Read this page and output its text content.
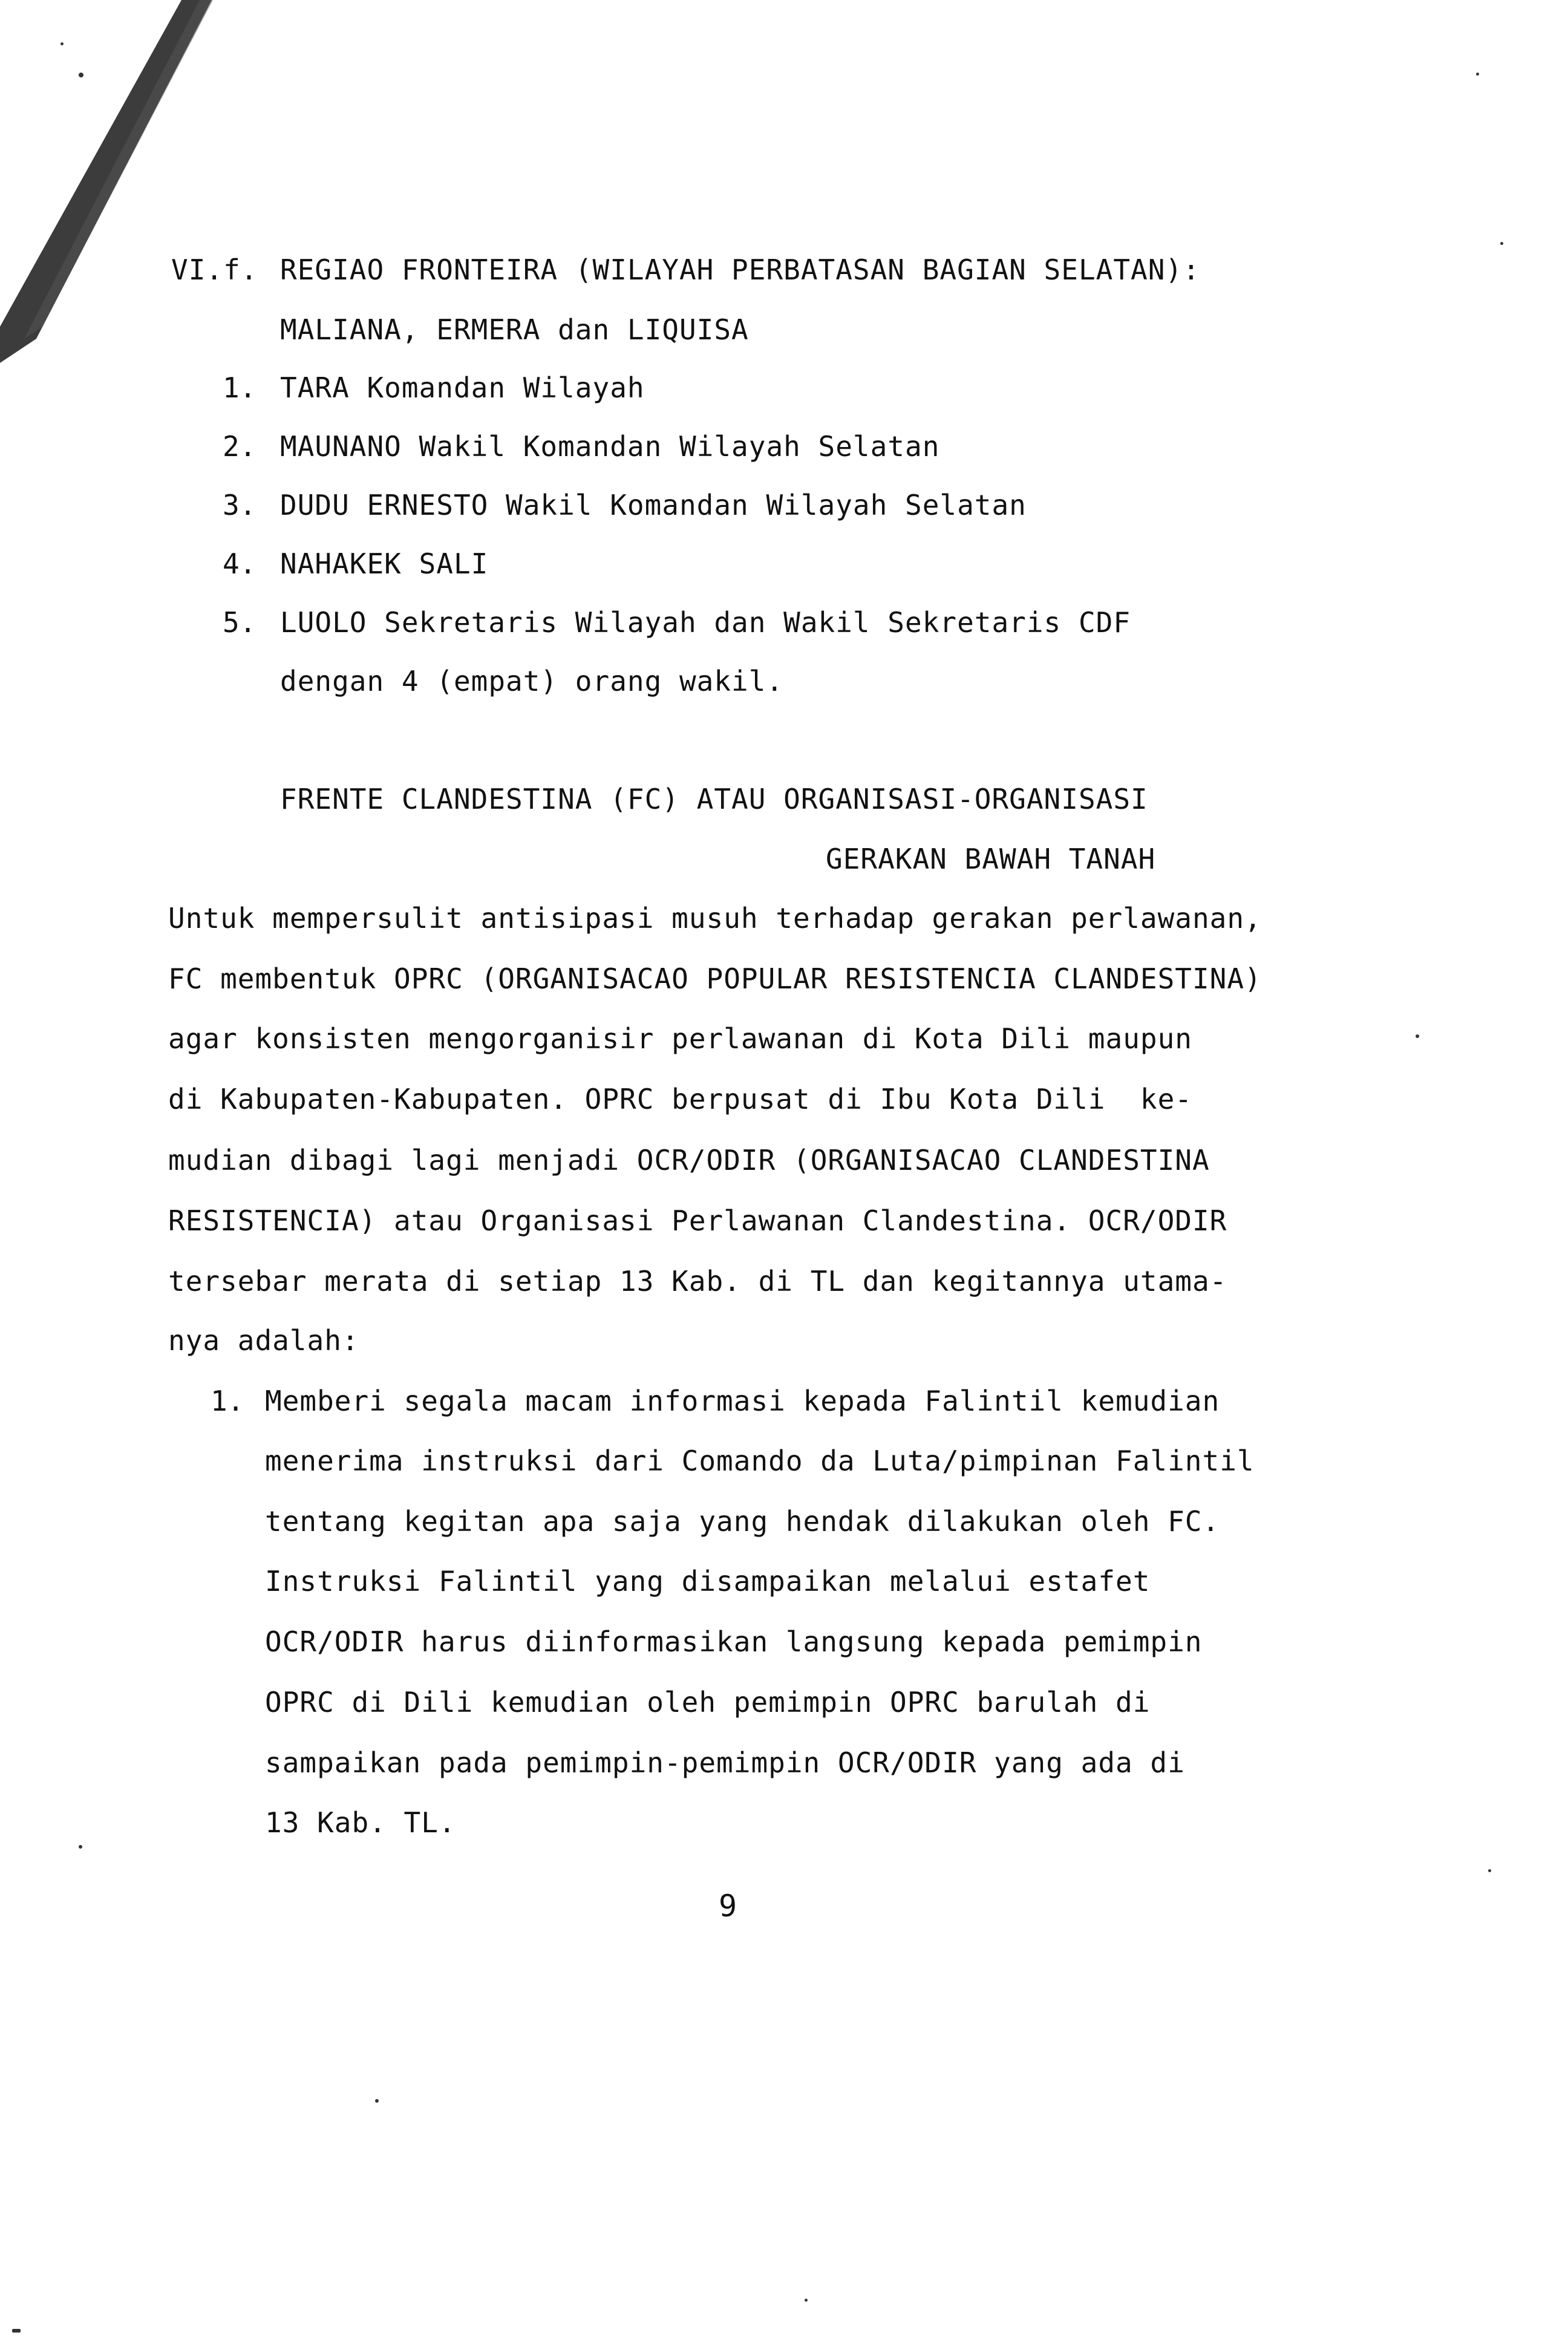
VI.f. REGIAO FRONTEIRA (WILAYAH PERBATASAN BAGIAN SELATAN):
MALIANA, ERMERA dan LIQUISA
1. TARA Komandan Wilayah
2. MAUNANO Wakil Komandan Wilayah Selatan
3. DUDU ERNESTO Wakil Komandan Wilayah Selatan
4. NAHAKEK SALI
5. LUOLO Sekretaris Wilayah dan Wakil Sekretaris CDF
dengan 4 (empat) orang wakil.
FRENTE CLANDESTINA (FC) ATAU ORGANISASI-ORGANISASI
GERAKAN BAWAH TANAH
Untuk mempersulit antisipasi musuh terhadap gerakan perlawanan,
FC membentuk OPRC (ORGANISACAO POPULAR RESISTENCIA CLANDESTINA)
agar konsisten mengorganisir perlawanan di Kota Dili maupun
di Kabupaten-Kabupaten. OPRC berpusat di Ibu Kota Dili  ke-
mudian dibagi lagi menjadi OCR/ODIR (ORGANISACAO CLANDESTINA
RESISTENCIA) atau Organisasi Perlawanan Clandestina. OCR/ODIR
tersebar merata di setiap 13 Kab. di TL dan kegitannya utama-
nya adalah:
1. Memberi segala macam informasi kepada Falintil kemudian
menerima instruksi dari Comando da Luta/pimpinan Falintil
tentang kegitan apa saja yang hendak dilakukan oleh FC.
Instruksi Falintil yang disampaikan melalui estafet
OCR/ODIR harus diinformasikan langsung kepada pemimpin
OPRC di Dili kemudian oleh pemimpin OPRC barulah di
sampaikan pada pemimpin-pemimpin OCR/ODIR yang ada di
13 Kab. TL.
9
